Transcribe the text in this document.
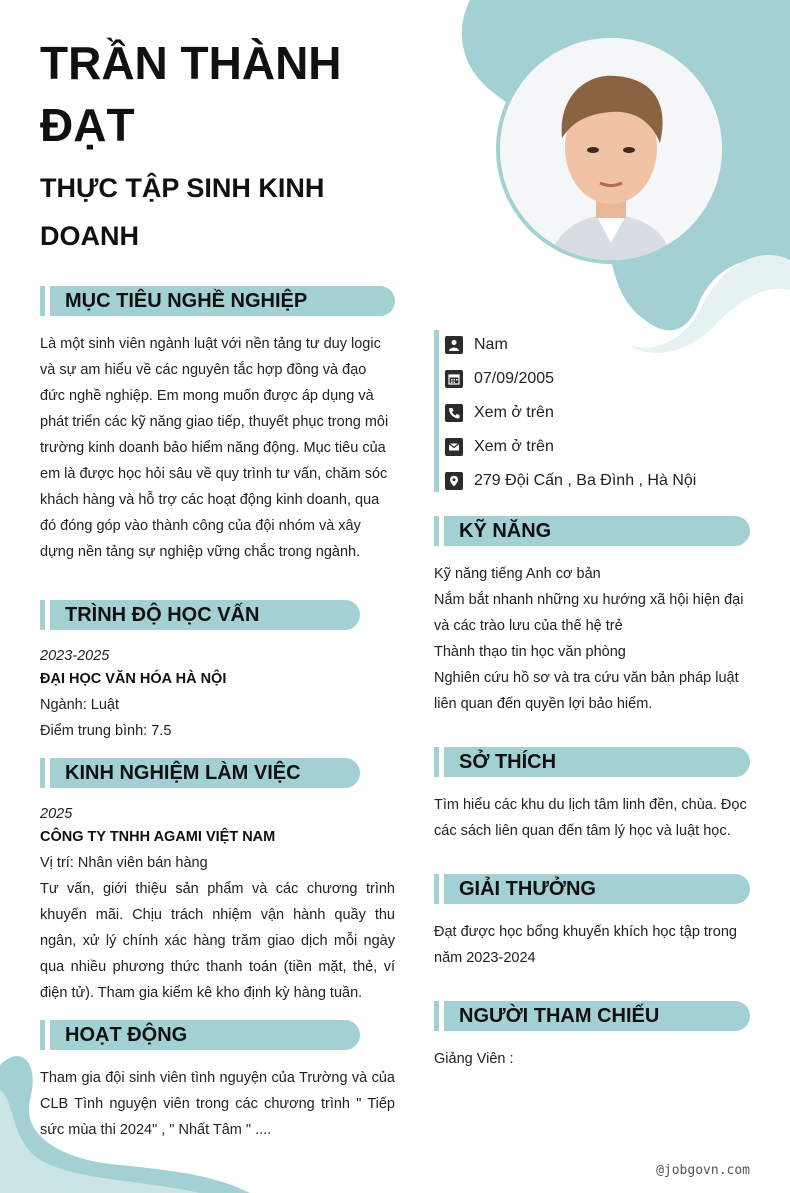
TRẦN THÀNH ĐẠT
THỰC TẬP SINH KINH DOANH
MỤC TIÊU NGHỀ NGHIỆP

Là một sinh viên ngành luật với nền tảng tư duy logic và sự am hiểu về các nguyên tắc hợp đồng và đạo đức nghề nghiệp. Em mong muốn được áp dụng và phát triển các kỹ năng giao tiếp, thuyết phục trong môi trường kinh doanh bảo hiểm năng động. Mục tiêu của em là được học hỏi sâu về quy trình tư vấn, chăm sóc khách hàng và hỗ trợ các hoạt động kinh doanh, qua đó đóng góp vào thành công của đội nhóm và xây dựng nền tảng sự nghiệp vững chắc trong ngành.

TRÌNH ĐỘ HỌC VẤN
2023-2025
ĐẠI HỌC VĂN HÓA HÀ NỘI
Ngành: Luật
Điểm trung bình: 7.5
KINH NGHIỆM LÀM VIỆC
2025
CÔNG TY TNHH AGAMI VIỆT NAM
Vị trí: Nhân viên bán hàng
Tư vấn, giới thiệu sản phẩm và các chương trình khuyến mãi. Chịu trách nhiệm vận hành quầy thu ngân, xử lý chính xác hàng trăm giao dịch mỗi ngày qua nhiều phương thức thanh toán (tiền mặt, thẻ, ví điện tử). Tham gia kiểm kê kho định kỳ hàng tuần.
HOẠT ĐỘNG

Tham gia đội sinh viên tình nguyện của Trường và của CLB Tình nguyện viên trong các chương trình " Tiếp sức mùa thi 2024" , " Nhất Tâm " ....

Nam
07/09/2005
Xem ở trên
Xem ở trên
279 Đội Cấn , Ba Đình , Hà Nội
KỸ NĂNG
Kỹ năng tiếng Anh cơ bản
Nắm bắt nhanh những xu hướng xã hội hiện đại và các trào lưu của thế hệ trẻ
Thành thạo tin học văn phòng
Nghiên cứu hồ sơ và tra cứu văn bản pháp luật liên quan đến quyền lợi bảo hiểm.
SỞ THÍCH

Tìm hiểu các khu du lịch tâm linh đền, chùa. Đọc các sách liên quan đến tâm lý học và luật học.

GIẢI THƯỞNG

Đạt được học bổng khuyến khích học tập trong năm 2023-2024

NGƯỜI THAM CHIẾU

Giảng Viên :

@jobgovn.com
